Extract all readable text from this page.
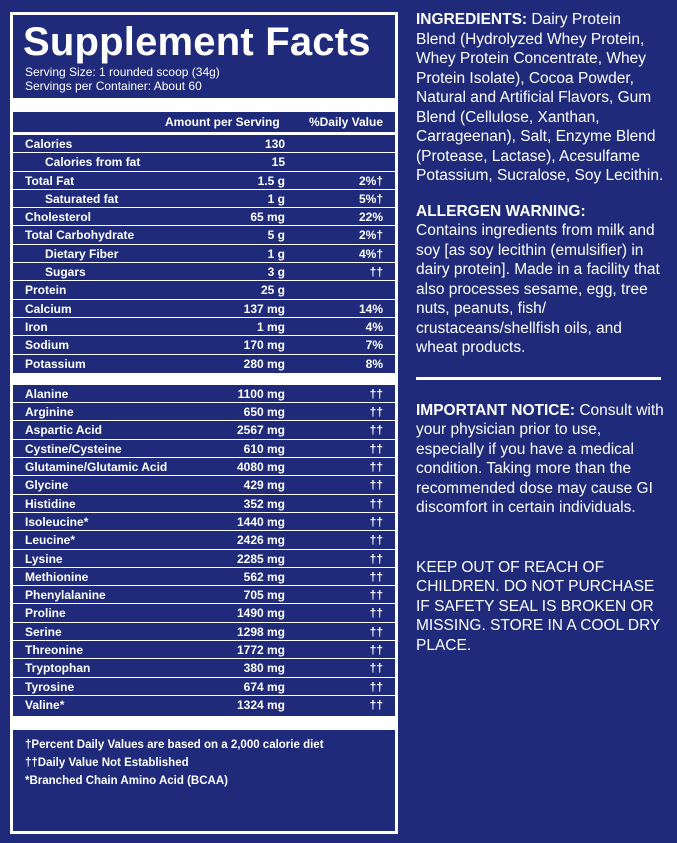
Supplement Facts
Serving Size: 1 rounded scoop (34g)
Servings per Container: About 60
Amount per Serving %Daily Value
Calories	130
Calories from fat	15
Total Fat	1.5 g	2%†
Saturated fat	1 g	5%†
Cholesterol	65 mg	22%
Total Carbohydrate	5 g	2%†
Dietary Fiber	1 g	4%†
Sugars	3 g	††
Protein	25 g
Calcium	137 mg	14%
Iron	1 mg	4%
Sodium	170 mg	7%
Potassium	280 mg	8%
Alanine	1100 mg	††
Arginine	650 mg	††
Aspartic Acid	2567 mg	††
Cystine/Cysteine	610 mg	††
Glutamine/Glutamic Acid	4080 mg	††
Glycine	429 mg	††
Histidine	352 mg	††
Isoleucine*	1440 mg	††
Leucine*	2426 mg	††
Lysine	2285 mg	††
Methionine	562 mg	††
Phenylalanine	705 mg	††
Proline	1490 mg	††
Serine	1298 mg	††
Threonine	1772 mg	††
Tryptophan	380 mg	††
Tyrosine	674 mg	††
Valine*	1324 mg	††
†Percent Daily Values are based on a 2,000 calorie diet
††Daily Value Not Established
*Branched Chain Amino Acid (BCAA)

INGREDIENTS: Dairy Protein Blend (Hydrolyzed Whey Protein, Whey Protein Concentrate, Whey Protein Isolate), Cocoa Powder, Natural and Artificial Flavors, Gum Blend (Cellulose, Xanthan, Carrageenan), Salt, Enzyme Blend (Protease, Lactase), Acesulfame Potassium, Sucralose, Soy Lecithin.

ALLERGEN WARNING:

Contains ingredients from milk and soy [as soy lecithin (emulsifier) in dairy protein]. Made in a facility that also processes sesame, egg, tree nuts, peanuts, fish/ crustaceans/shellfish oils, and wheat products.

IMPORTANT NOTICE: Consult with your physician prior to use, especially if you have a medical condition. Taking more than the recommended dose may cause GI discomfort in certain individuals.

KEEP OUT OF REACH OF CHILDREN. DO NOT PURCHASE IF SAFETY SEAL IS BROKEN OR MISSING. STORE IN A COOL DRY PLACE.
